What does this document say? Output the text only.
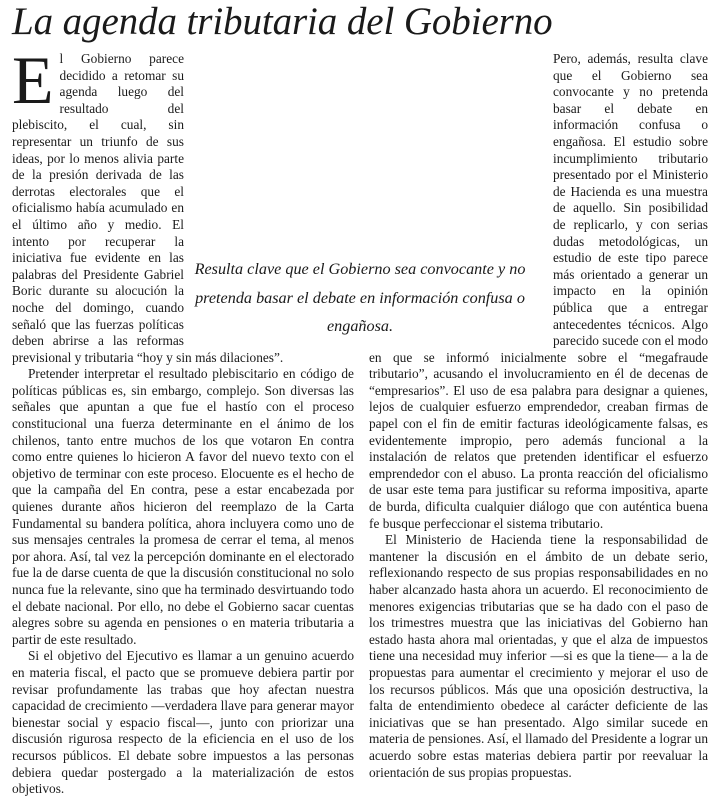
La agenda tributaria del Gobierno

El Gobierno parece decidido a retomar su agenda luego del resultado del plebiscito, el cual, sin representar un triunfo de sus ideas, por lo menos alivia parte de la presión derivada de las derrotas electorales que el oficialismo había acumulado en el último año y medio. El intento por recuperar la iniciativa fue evidente en las palabras del Presidente Gabriel Boric durante su alocución la noche del domingo, cuando señaló que las fuerzas políticas deben abrirse a las reformas previsional y tributaria “hoy y sin más dilaciones”.

Pretender interpretar el resultado plebiscitario en código de políticas públicas es, sin embargo, complejo. Son diversas las señales que apuntan a que fue el hastío con el proceso constitucional una fuerza determinante en el ánimo de los chilenos, tanto entre muchos de los que votaron En contra como entre quienes lo hicieron A favor del nuevo texto con el objetivo de terminar con este proceso. Elocuente es el hecho de que la campaña del En contra, pese a estar encabezada por quienes durante años hicieron del reemplazo de la Carta Fundamental su bandera política, ahora incluyera como uno de sus mensajes centrales la promesa de cerrar el tema, al menos por ahora. Así, tal vez la percepción dominante en el electorado fue la de darse cuenta de que la discusión constitucional no solo nunca fue la relevante, sino que ha terminado desvirtuando todo el debate nacional. Por ello, no debe el Gobierno sacar cuentas alegres sobre su agenda en pensiones o en materia tributaria a partir de este resultado.

Si el objetivo del Ejecutivo es llamar a un genuino acuerdo en materia fiscal, el pacto que se promueve debiera partir por revisar profundamente las trabas que hoy afectan nuestra capacidad de crecimiento —verdadera llave para generar mayor bienestar social y espacio fiscal—, junto con priorizar una discusión rigurosa respecto de la eficiencia en el uso de los recursos públicos. El debate sobre impuestos a las personas debiera quedar postergado a la materialización de estos objetivos.

Pero, además, resulta clave que el Gobierno sea convocante y no pretenda basar el debate en información confusa o engañosa. El estudio sobre incumplimiento tributario presentado por el Ministerio de Hacienda es una muestra de aquello. Sin posibilidad de replicarlo, y con serias dudas metodológicas, un estudio de este tipo parece más orientado a generar un impacto en la opinión pública que a entregar antecedentes técnicos. Algo parecido sucede con el modo en que se informó inicialmente sobre el “megafraude tributario”, acusando el involucramiento en él de decenas de “empresarios”. El uso de esa palabra para designar a quienes, lejos de cualquier esfuerzo emprendedor, creaban firmas de papel con el fin de emitir facturas ideológicamente falsas, es evidentemente impropio, pero además funcional a la instalación de relatos que pretenden identificar el esfuerzo emprendedor con el abuso. La pronta reacción del oficialismo de usar este tema para justificar su reforma impositiva, aparte de burda, dificulta cualquier diálogo que con auténtica buena fe busque perfeccionar el sistema tributario.

El Ministerio de Hacienda tiene la responsabilidad de mantener la discusión en el ámbito de un debate serio, reflexionando respecto de sus propias responsabilidades en no haber alcanzado hasta ahora un acuerdo. El reconocimiento de menores exigencias tributarias que se ha dado con el paso de los trimestres muestra que las iniciativas del Gobierno han estado hasta ahora mal orientadas, y que el alza de impuestos tiene una necesidad muy inferior —si es que la tiene— a la de propuestas para aumentar el crecimiento y mejorar el uso de los recursos públicos. Más que una oposición destructiva, la falta de entendimiento obedece al carácter deficiente de las iniciativas que se han presentado. Algo similar sucede en materia de pensiones. Así, el llamado del Presidente a lograr un acuerdo sobre estas materias debiera partir por reevaluar la orientación de sus propias propuestas.

Resulta clave que el Gobierno sea convocante y no pretenda basar el debate en información confusa o engañosa.
